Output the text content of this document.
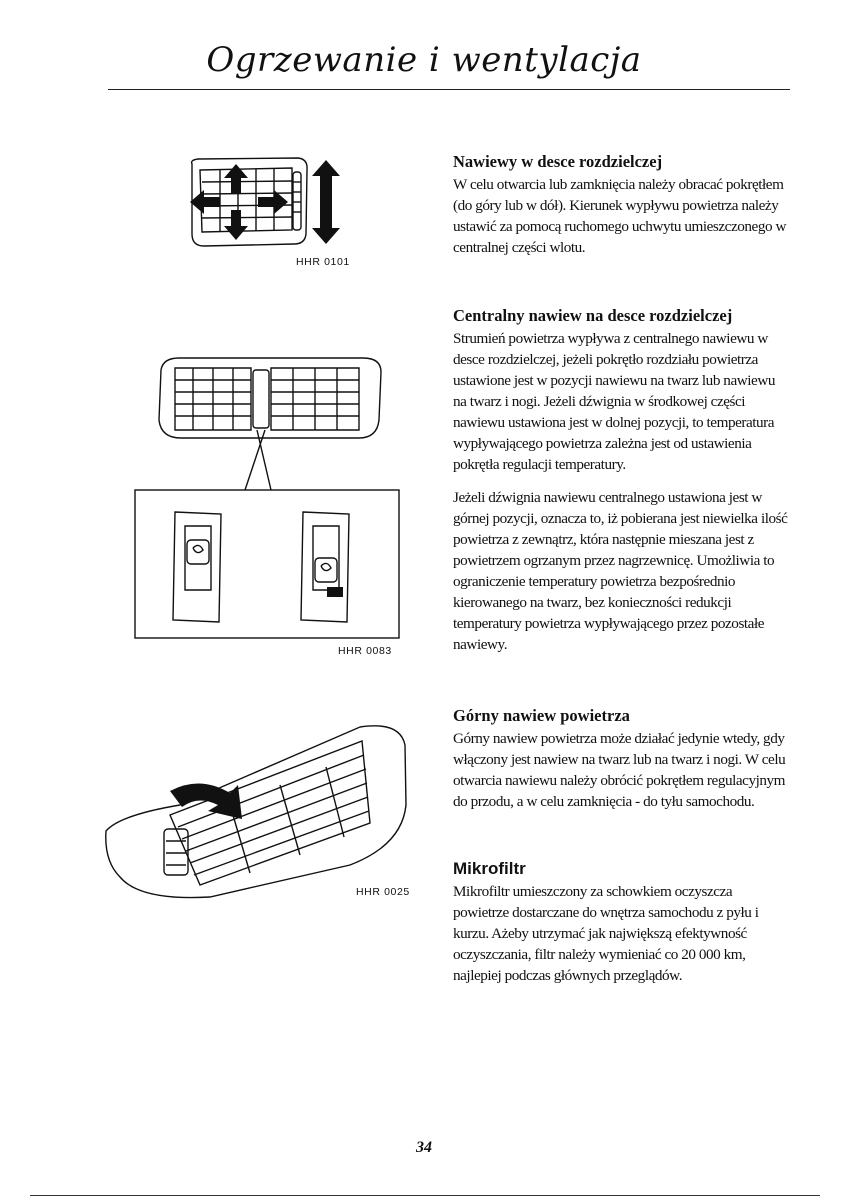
Ogrzewanie i wentylacja
HHR 0101
HHR 0083
HHR 0025
Nawiewy w desce rozdzielczej

W celu otwarcia lub zamknięcia należy obracać pokrętłem (do góry lub w dół). Kierunek wypływu powietrza należy ustawić za pomocą ruchomego uchwytu umieszczonego w centralnej części wlotu.

Centralny nawiew na desce rozdzielczej

Strumień powietrza wypływa z centralnego nawiewu w desce rozdzielczej, jeżeli pokrętło rozdziału powietrza ustawione jest w pozycji nawiewu na twarz lub nawiewu na twarz i nogi. Jeżeli dźwignia w środkowej części nawiewu ustawiona jest w dolnej pozycji, to temperatura wypływającego powietrza zależna jest od ustawienia pokrętła regulacji temperatury.

Jeżeli dźwignia nawiewu centralnego ustawiona jest w górnej pozycji, oznacza to, iż pobierana jest niewielka ilość powietrza z zewnątrz, która następnie mieszana jest z powietrzem ogrzanym przez nagrzewnicę. Umożliwia to ograniczenie temperatury powietrza bezpośrednio kierowanego na twarz, bez konieczności redukcji temperatury powietrza wypływającego przez pozostałe nawiewy.

Górny nawiew powietrza

Górny nawiew powietrza może działać jedynie wtedy, gdy włączony jest nawiew na twarz lub na twarz i nogi. W celu otwarcia nawiewu należy obrócić pokrętłem regulacyjnym do przodu, a w celu zamknięcia - do tyłu samochodu.

Mikrofiltr

Mikrofiltr umieszczony za schowkiem oczyszcza powietrze dostarczane do wnętrza samochodu z pyłu i kurzu. Ażeby utrzymać jak największą efektywność oczyszczania, filtr należy wymieniać co 20 000 km, najlepiej podczas głównych przeglądów.

34
